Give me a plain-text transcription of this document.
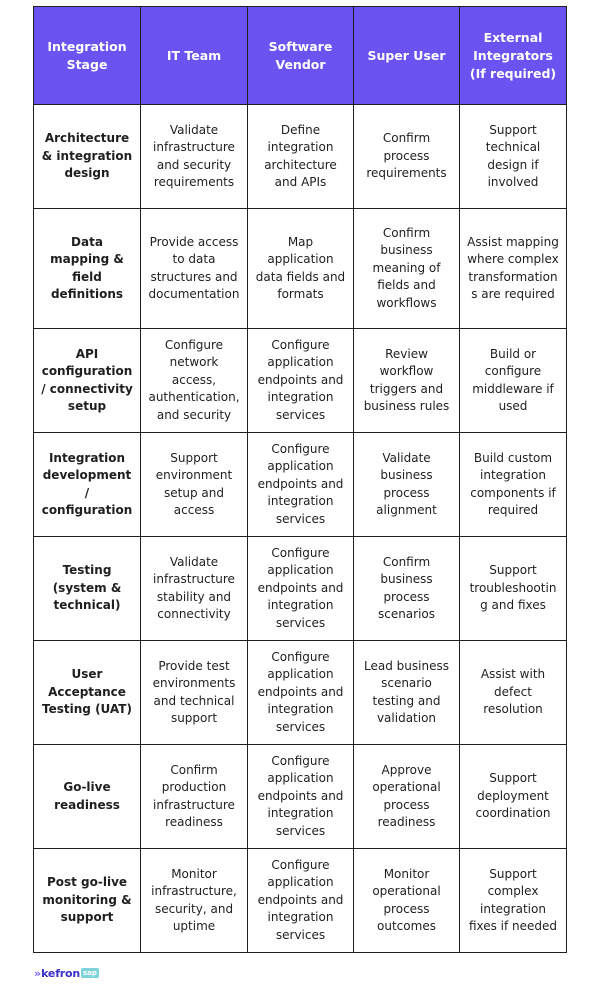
Integration Stage	IT Team	Software Vendor	Super User	External Integrators (If required)
Architecture & integration design	Validate infrastructure and security requirements	Define integration architecture and APIs	Confirm process requirements	Support technical design if involved
Data mapping & field definitions	Provide access to data structures and documentation	Map application data fields and formats	Confirm business meaning of fields and workflows	Assist mapping where complex transformations are required
API configuration / connectivity setup	Configure network access, authentication, and security	Configure application endpoints and integration services	Review workflow triggers and business rules	Build or configure middleware if used
Integration development / configuration	Support environment setup and access	Configure application endpoints and integration services	Validate business process alignment	Build custom integration components if required
Testing (system & technical)	Validate infrastructure stability and connectivity	Configure application endpoints and integration services	Confirm business process scenarios	Support troubleshooting and fixes
User Acceptance Testing (UAT)	Provide test environments and technical support	Configure application endpoints and integration services	Lead business scenario testing and validation	Assist with defect resolution
Go-live readiness	Confirm production infrastructure readiness	Configure application endpoints and integration services	Approve operational process readiness	Support deployment coordination
Post go-live monitoring & support	Monitor infrastructure, security, and uptime	Configure application endpoints and integration services	Monitor operational process outcomes	Support complex integration fixes if needed
» kefron sap
